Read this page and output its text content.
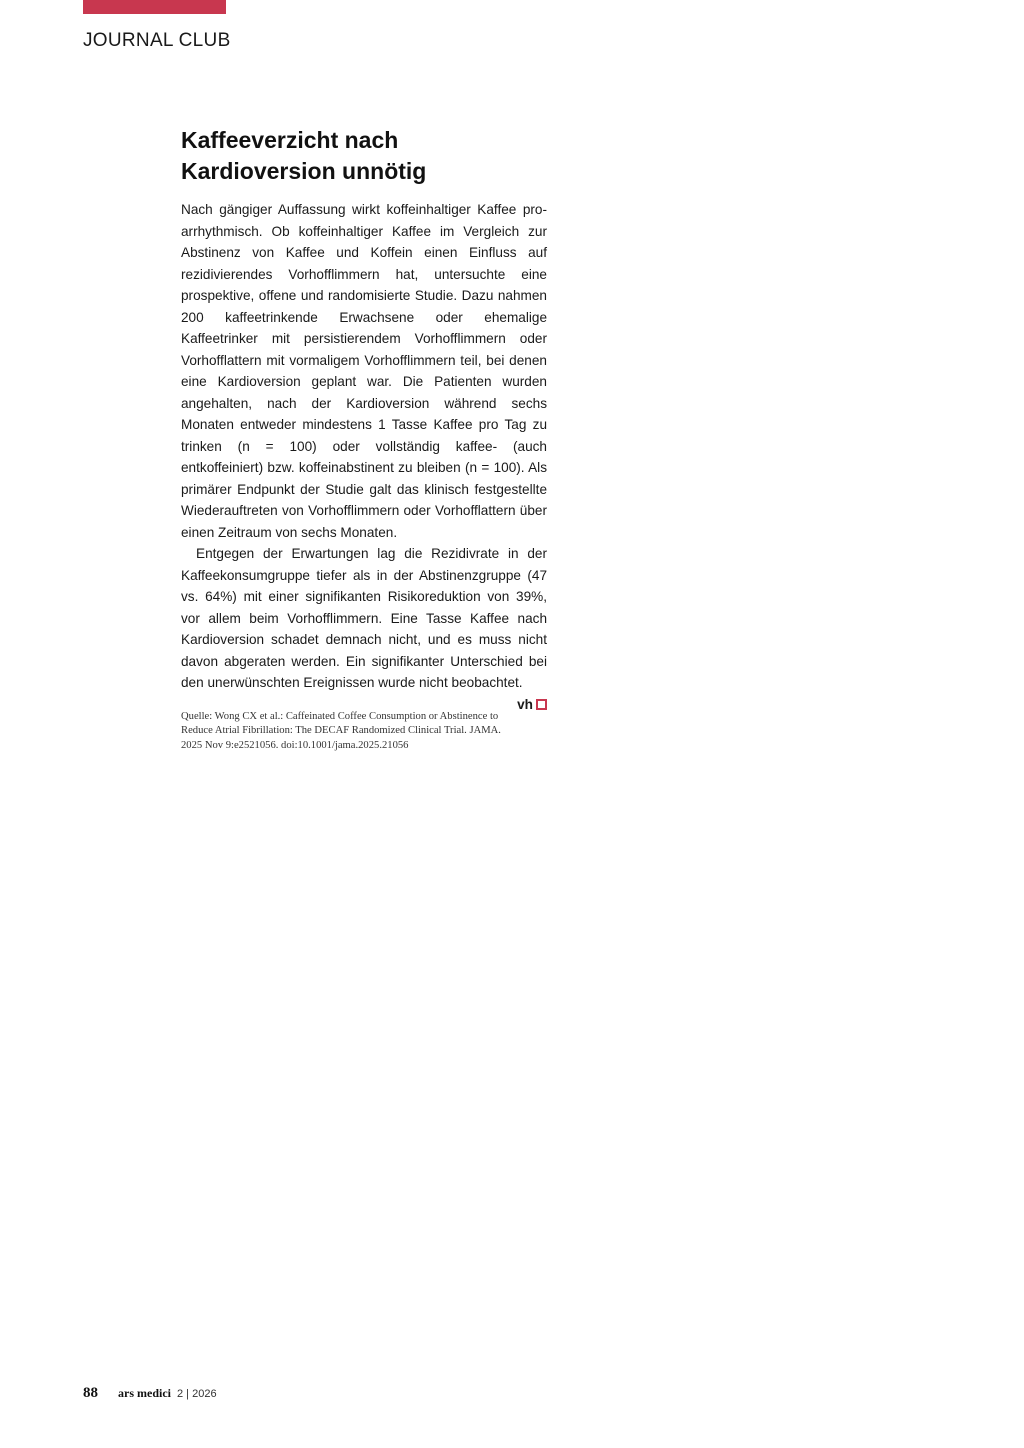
JOURNAL CLUB
Kaffeeverzicht nach
Kardioversion unnötig

Nach gängiger Auffassung wirkt koffeinhaltiger Kaffee proarrhythmisch. Ob koffeinhaltiger Kaffee im Vergleich zur Abstinenz von Kaffee und Koffein einen Einfluss auf rezidivierendes Vorhofflimmern hat, untersuchte eine prospektive, offene und randomisierte Studie. Dazu nahmen 200 kaffeetrinkende Erwachsene oder ehemalige Kaffeetrinker mit persistierendem Vorhofflimmern oder Vorhofflattern mit vormaligem Vorhofflimmern teil, bei denen eine Kardioversion geplant war. Die Patienten wurden angehalten, nach der Kardioversion während sechs Monaten entweder mindestens 1 Tasse Kaffee pro Tag zu trinken (n = 100) oder vollständig kaffee- (auch entkoffeiniert) bzw. koffeinabstinent zu bleiben (n = 100). Als primärer Endpunkt der Studie galt das klinisch festgestellte Wiederauftreten von Vorhofflimmern oder Vorhofflattern über einen Zeitraum von sechs Monaten.

Entgegen der Erwartungen lag die Rezidivrate in der Kaffeekonsumgruppe tiefer als in der Abstinenzgruppe (47 vs. 64%) mit einer signifikanten Risikoreduktion von 39%, vor allem beim Vorhofflimmern. Eine Tasse Kaffee nach Kardioversion schadet demnach nicht, und es muss nicht davon abgeraten werden. Ein signifikanter Unterschied bei den unerwünschten Ereignissen wurde nicht beobachtet.
vh

Quelle: Wong CX et al.: Caffeinated Coffee Consumption or Abstinence to
Reduce Atrial Fibrillation: The DECAF Randomized Clinical Trial. JAMA.
2025 Nov 9:e2521056. doi:10.1001/jama.2025.21056
88 ars medici 2 | 2026
